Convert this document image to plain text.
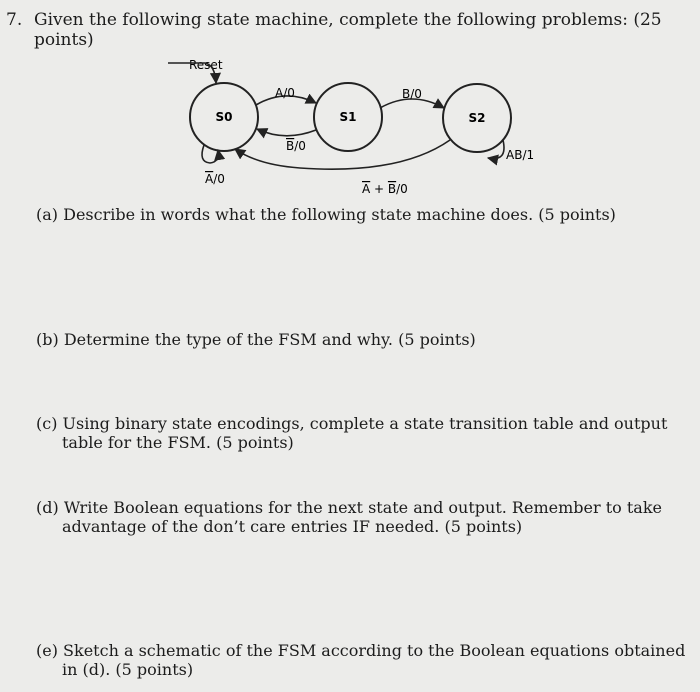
7. Given the following state machine, complete the following problems: (25 points)
Reset
S0	S1	S2
A/0
B/0
B/0
A/0
AB/1
A + B/0
(a) Describe in words what the following state machine does. (5 points)
(b) Determine the type of the FSM and why. (5 points)
(c) Using binary state encodings, complete a state transition table and output table for the FSM. (5 points)
(d) Write Boolean equations for the next state and output. Remember to take advantage of the don’t care entries IF needed. (5 points)
(e) Sketch a schematic of the FSM according to the Boolean equations obtained in (d). (5 points)
